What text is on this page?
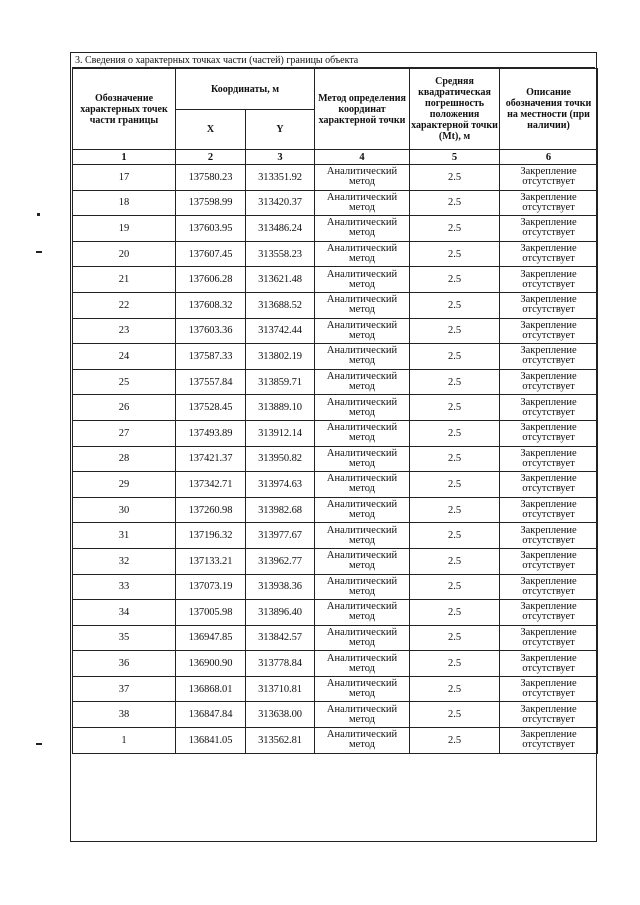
3. Сведения о характерных точках части (частей) границы объекта
Обозначение характерных точек части границы	Координаты, м		Метод определения координат характерной точки	Средняя квадратическая погрешность положения характерной точки (Mt), м	Описание обозначения точки на местности (при наличии)
	X	Y			
1	2	3	4	5	6
17	137580.23	313351.92	Аналитический метод	2.5	Закрепление отсутствует
18	137598.99	313420.37	Аналитический метод	2.5	Закрепление отсутствует
19	137603.95	313486.24	Аналитический метод	2.5	Закрепление отсутствует
20	137607.45	313558.23	Аналитический метод	2.5	Закрепление отсутствует
21	137606.28	313621.48	Аналитический метод	2.5	Закрепление отсутствует
22	137608.32	313688.52	Аналитический метод	2.5	Закрепление отсутствует
23	137603.36	313742.44	Аналитический метод	2.5	Закрепление отсутствует
24	137587.33	313802.19	Аналитический метод	2.5	Закрепление отсутствует
25	137557.84	313859.71	Аналитический метод	2.5	Закрепление отсутствует
26	137528.45	313889.10	Аналитический метод	2.5	Закрепление отсутствует
27	137493.89	313912.14	Аналитический метод	2.5	Закрепление отсутствует
28	137421.37	313950.82	Аналитический метод	2.5	Закрепление отсутствует
29	137342.71	313974.63	Аналитический метод	2.5	Закрепление отсутствует
30	137260.98	313982.68	Аналитический метод	2.5	Закрепление отсутствует
31	137196.32	313977.67	Аналитический метод	2.5	Закрепление отсутствует
32	137133.21	313962.77	Аналитический метод	2.5	Закрепление отсутствует
33	137073.19	313938.36	Аналитический метод	2.5	Закрепление отсутствует
34	137005.98	313896.40	Аналитический метод	2.5	Закрепление отсутствует
35	136947.85	313842.57	Аналитический метод	2.5	Закрепление отсутствует
36	136900.90	313778.84	Аналитический метод	2.5	Закрепление отсутствует
37	136868.01	313710.81	Аналитический метод	2.5	Закрепление отсутствует
38	136847.84	313638.00	Аналитический метод	2.5	Закрепление отсутствует
1	136841.05	313562.81	Аналитический метод	2.5	Закрепление отсутствует
